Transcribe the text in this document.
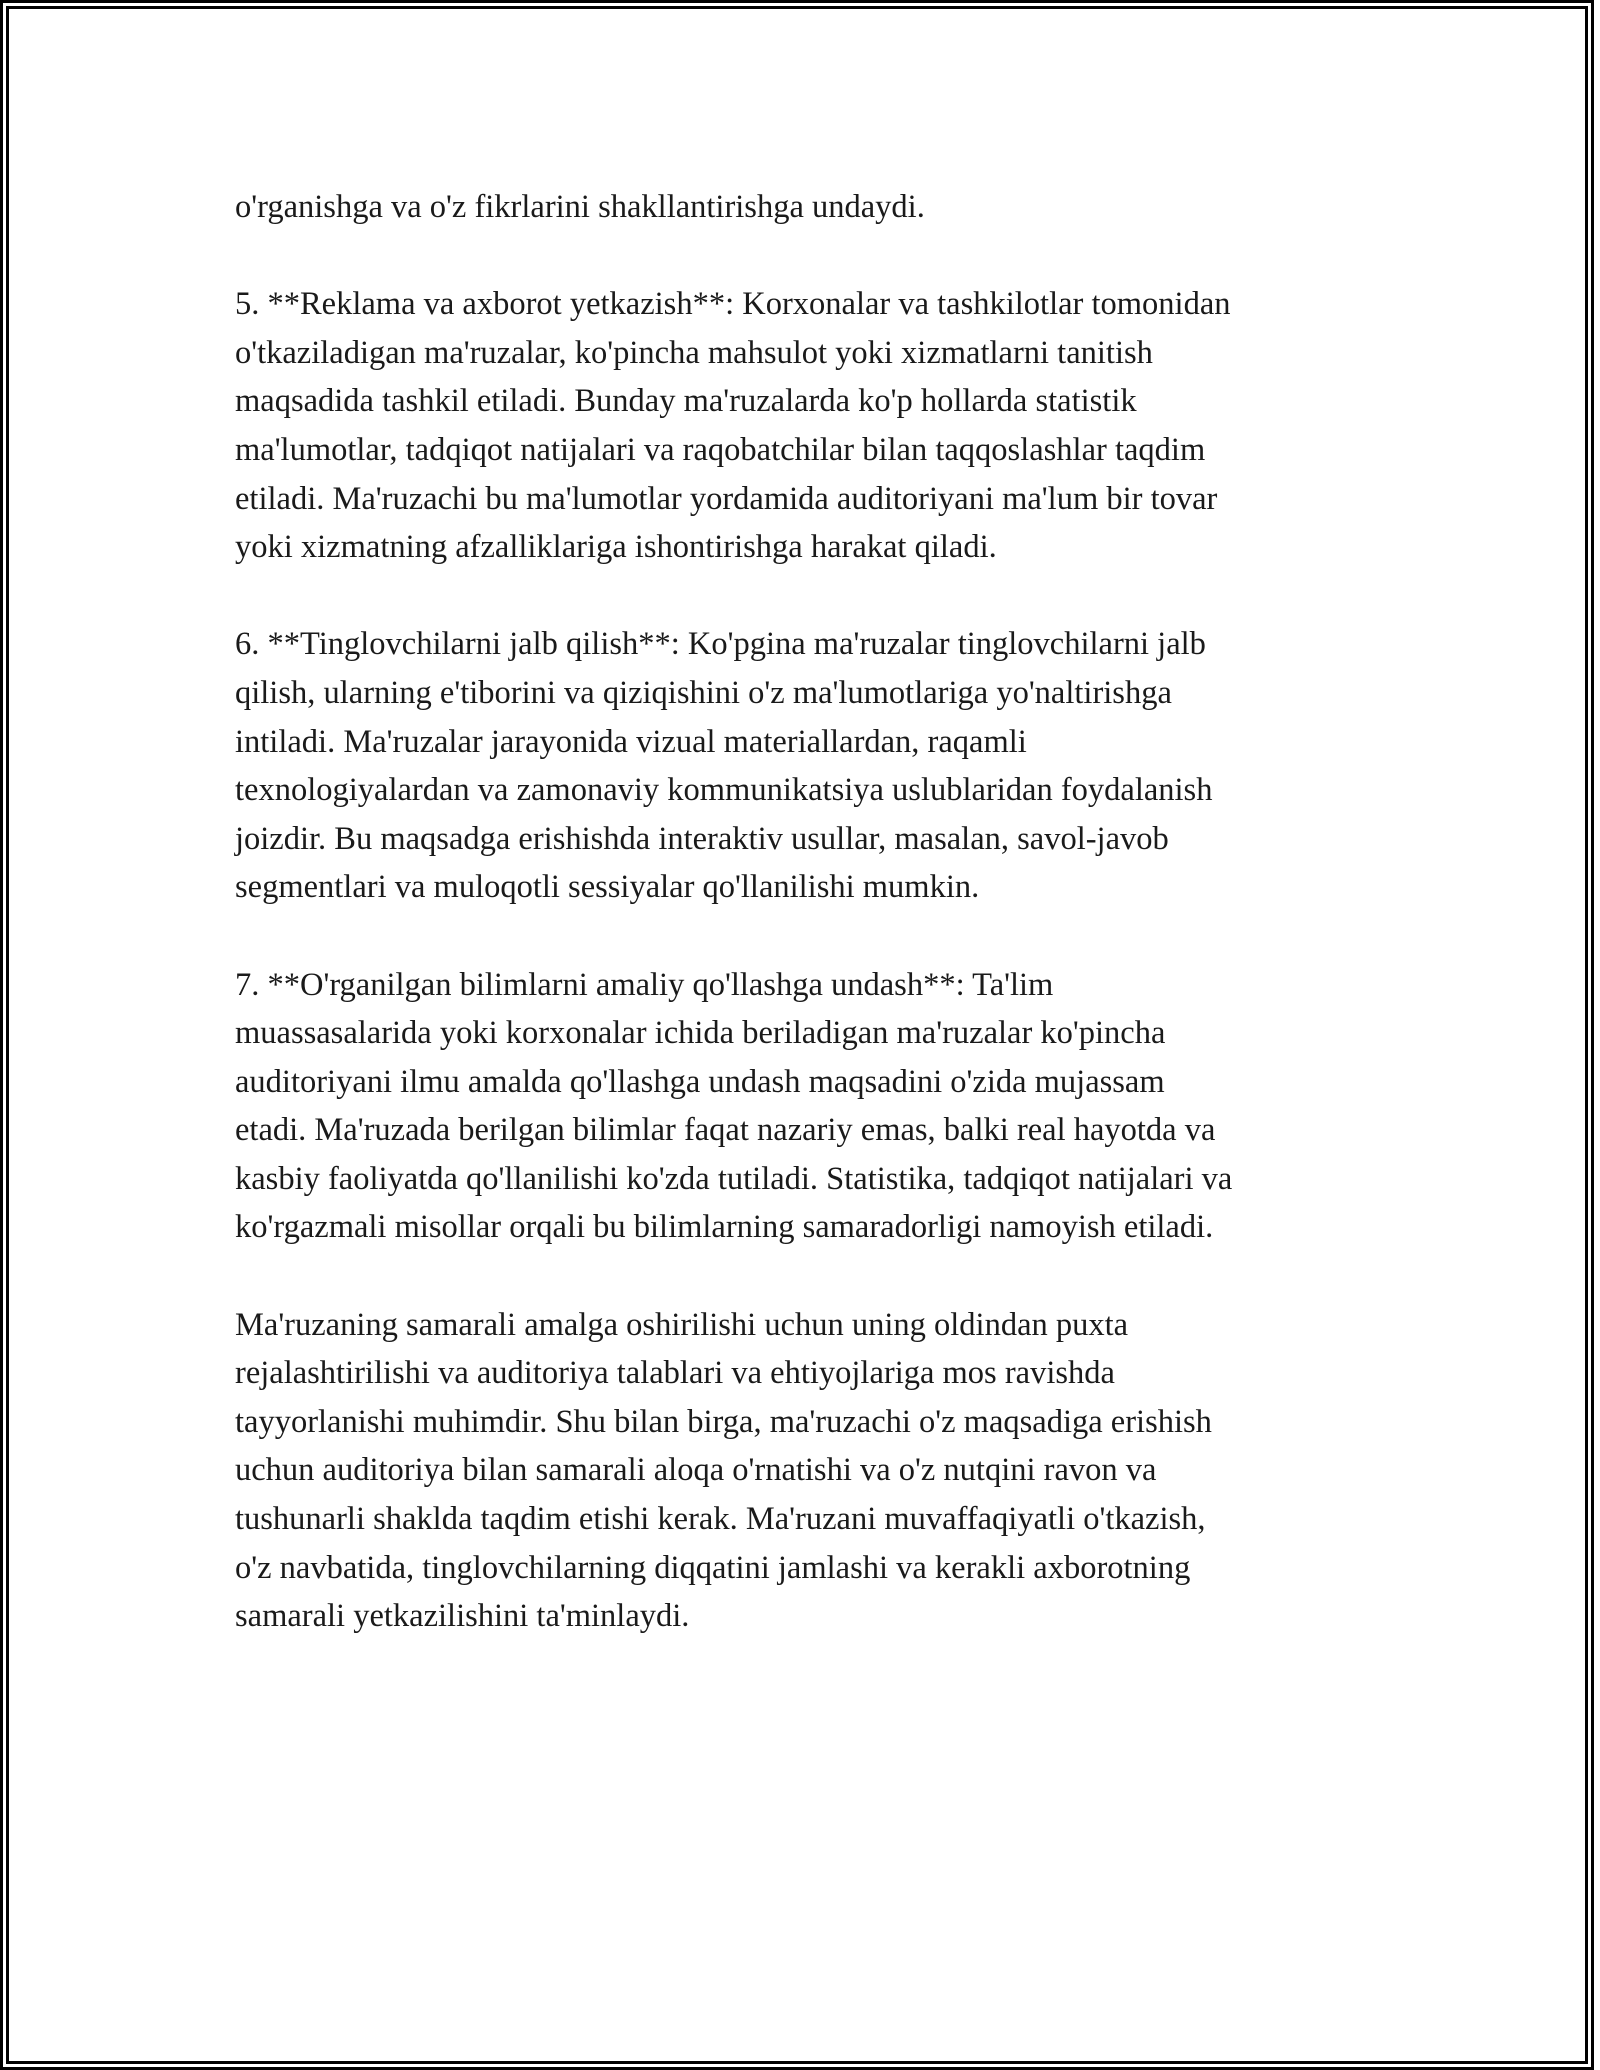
o'rganishga va o'z fikrlarini shakllantirishga undaydi.

5. **Reklama va axborot yetkazish**: Korxonalar va tashkilotlar tomonidan
o'tkaziladigan ma'ruzalar, ko'pincha mahsulot yoki xizmatlarni tanitish
maqsadida tashkil etiladi. Bunday ma'ruzalarda ko'p hollarda statistik
ma'lumotlar, tadqiqot natijalari va raqobatchilar bilan taqqoslashlar taqdim
etiladi. Ma'ruzachi bu ma'lumotlar yordamida auditoriyani ma'lum bir tovar
yoki xizmatning afzalliklariga ishontirishga harakat qiladi.

6. **Tinglovchilarni jalb qilish**: Ko'pgina ma'ruzalar tinglovchilarni jalb
qilish, ularning e'tiborini va qiziqishini o'z ma'lumotlariga yo'naltirishga
intiladi. Ma'ruzalar jarayonida vizual materiallardan, raqamli
texnologiyalardan va zamonaviy kommunikatsiya uslublaridan foydalanish
joizdir. Bu maqsadga erishishda interaktiv usullar, masalan, savol-javob
segmentlari va muloqotli sessiyalar qo'llanilishi mumkin.

7. **O'rganilgan bilimlarni amaliy qo'llashga undash**: Ta'lim
muassasalarida yoki korxonalar ichida beriladigan ma'ruzalar ko'pincha
auditoriyani ilmu amalda qo'llashga undash maqsadini o'zida mujassam
etadi. Ma'ruzada berilgan bilimlar faqat nazariy emas, balki real hayotda va
kasbiy faoliyatda qo'llanilishi ko'zda tutiladi. Statistika, tadqiqot natijalari va
ko'rgazmali misollar orqali bu bilimlarning samaradorligi namoyish etiladi.

Ma'ruzaning samarali amalga oshirilishi uchun uning oldindan puxta
rejalashtirilishi va auditoriya talablari va ehtiyojlariga mos ravishda
tayyorlanishi muhimdir. Shu bilan birga, ma'ruzachi o'z maqsadiga erishish
uchun auditoriya bilan samarali aloqa o'rnatishi va o'z nutqini ravon va
tushunarli shaklda taqdim etishi kerak. Ma'ruzani muvaffaqiyatli o'tkazish,
o'z navbatida, tinglovchilarning diqqatini jamlashi va kerakli axborotning
samarali yetkazilishini ta'minlaydi.
